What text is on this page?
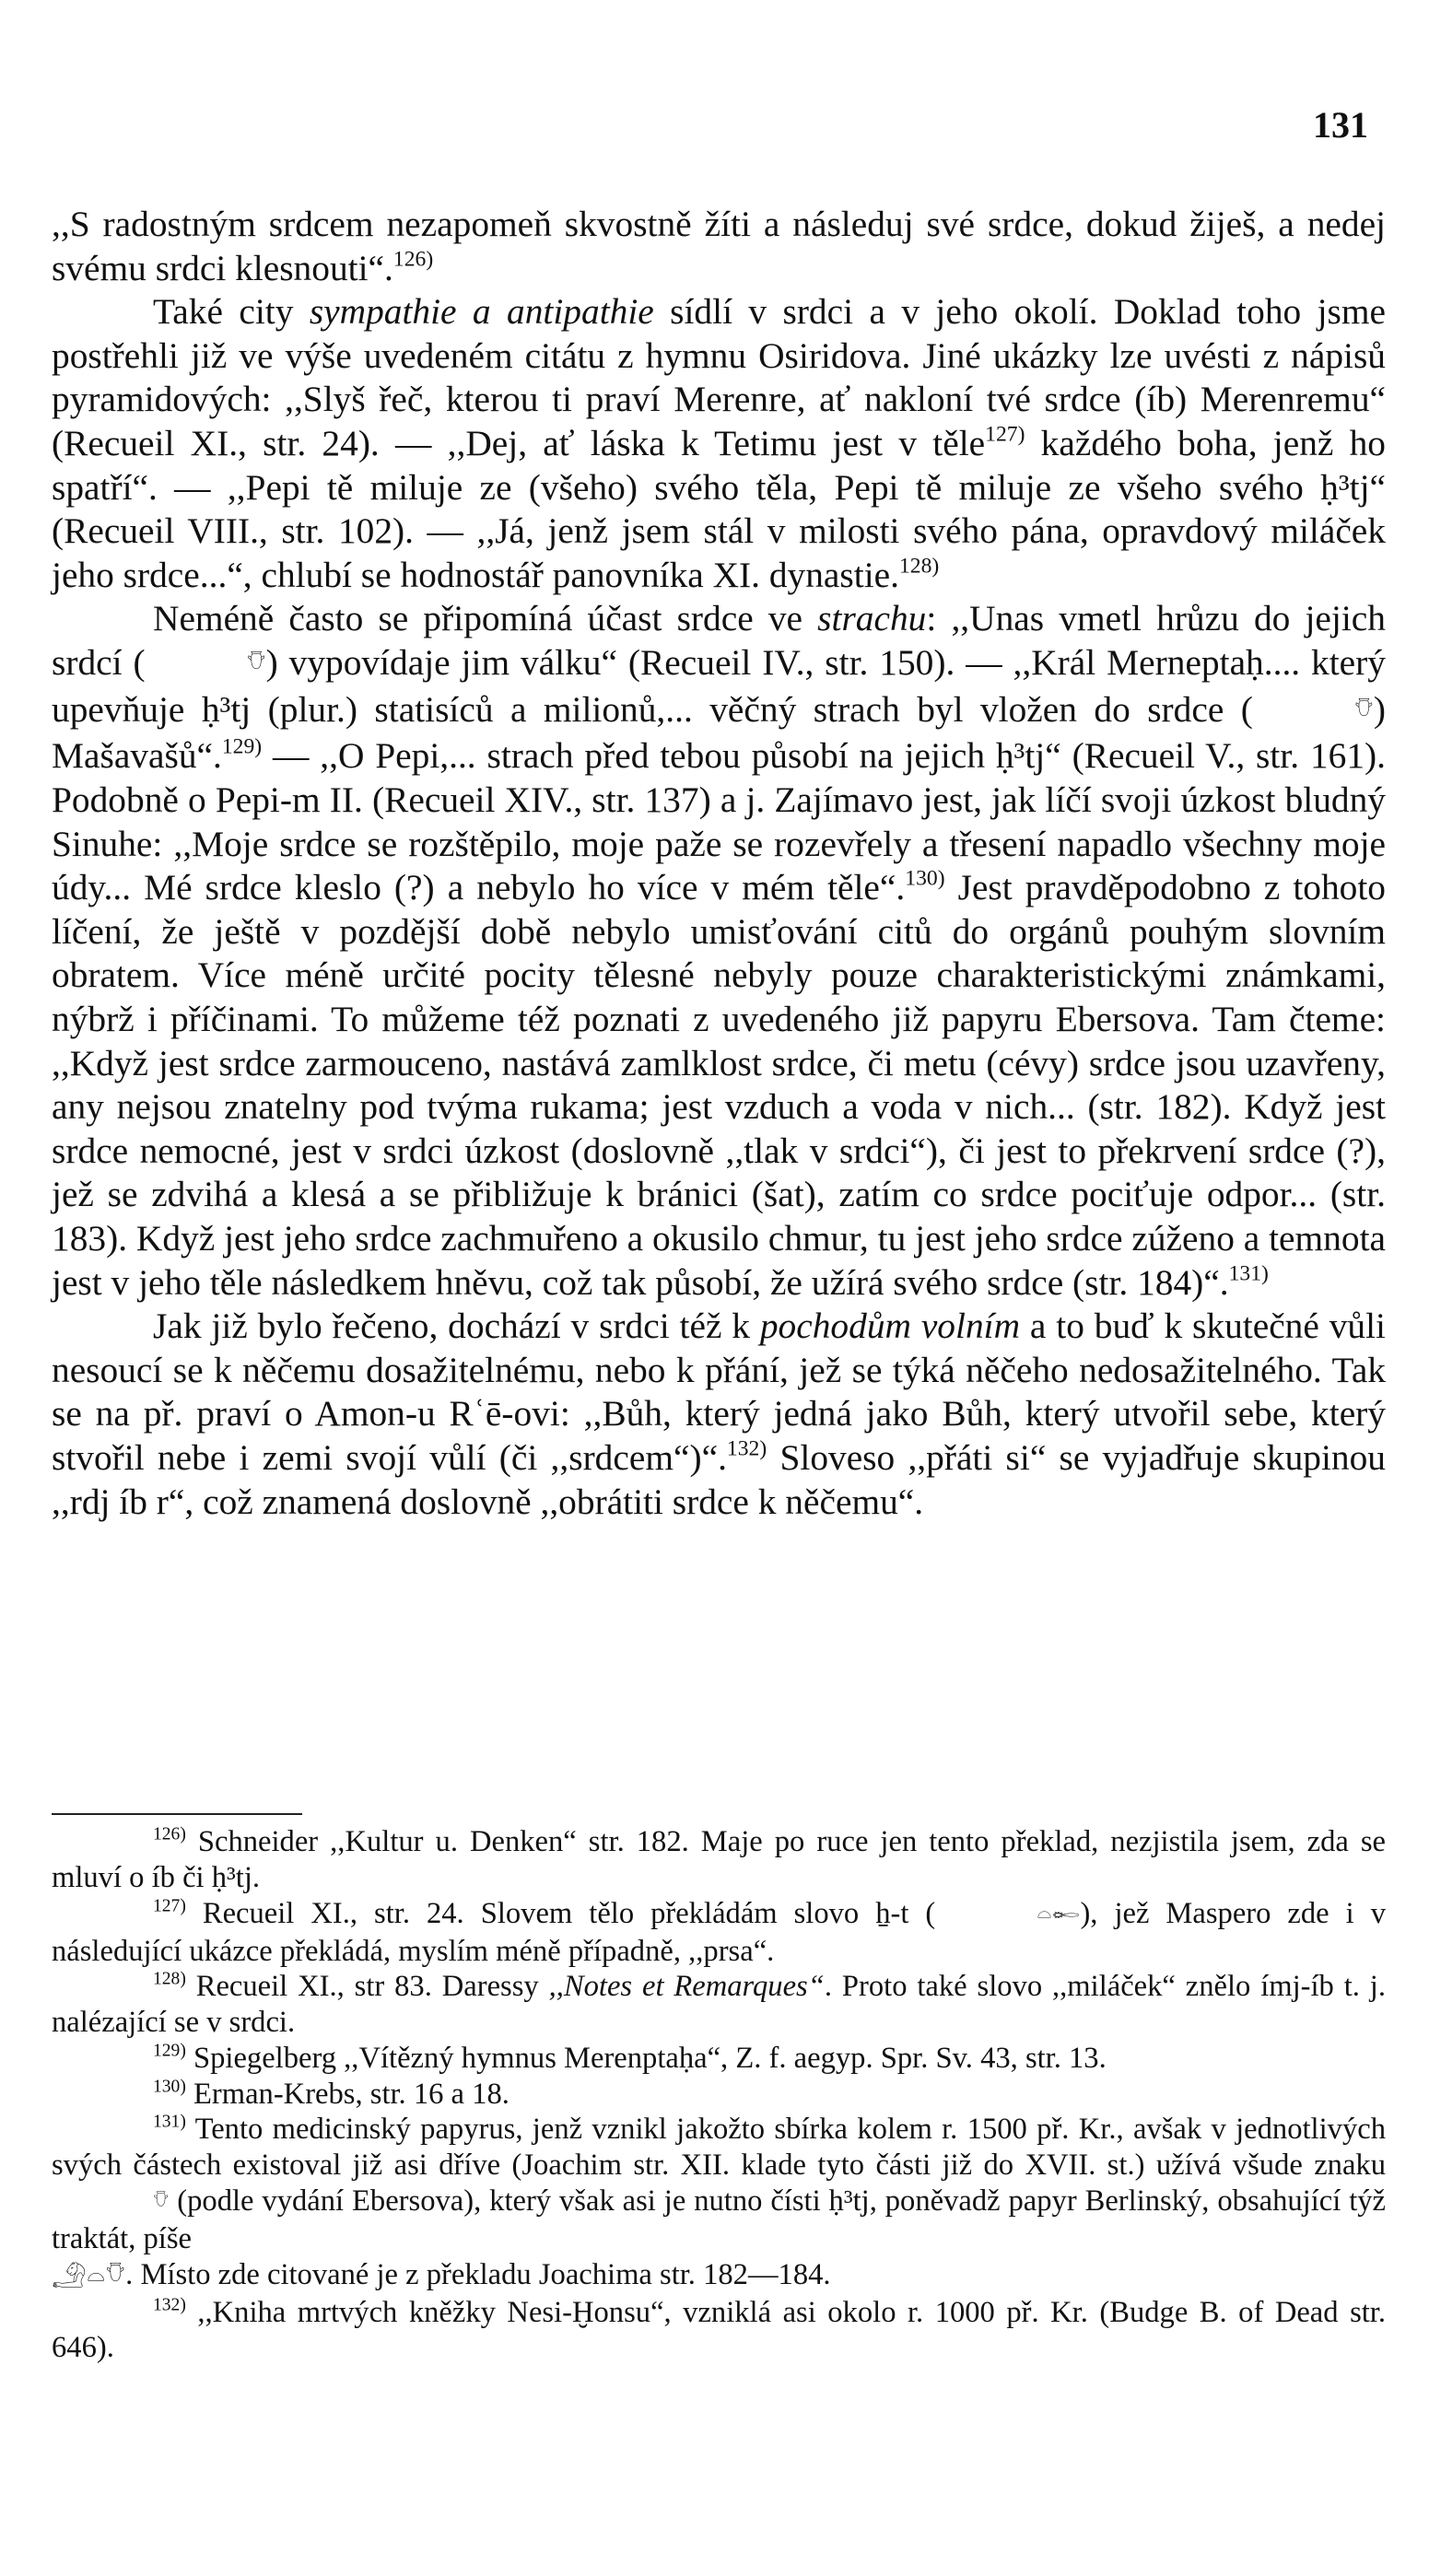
131

,,S radostným srdcem nezapomeň skvostně žíti a následuj své srdce, dokud žiješ, a nedej svému srdci klesnouti“.$^{126)}$

Také city sympathie a antipathie sídlí v srdci a v jeho okolí. Doklad toho jsme postřehli již ve výše uvedeném citátu z hymnu Osiridova. Jiné ukázky lze uvésti z nápisů pyramidových: ,,Slyš řeč, kterou ti praví Merenre, ať nakloní tvé srdce (íb) Merenremu“ (Recueil XI., str. 24). — ,,Dej, ať láska k Tetimu jest v těle$^{127)}$ každého boha, jenž ho spatří“. — ,,Pepi tě miluje ze (všeho) svého těla, Pepi tě miluje ze všeho svého ḥ³tj“ (Recueil VIII., str. 102). — ,,Já, jenž jsem stál v milosti svého pána, opravdový miláček jeho srdce...“, chlubí se hodnostář panovníka XI. dynastie.$^{128)}$

Neméně často se připomíná účast srdce ve strachu: ,,Unas vmetl hrůzu do jejich srdcí (	𓄣) vypovídaje jim válku“ (Recueil IV., str. 150). — ,,Král Merneptaḥ.... který upevňuje ḥ³tj (plur.) statisíců a milionů,... věčný strach byl vložen do srdce (	𓄣) Mašavašů“.$^{129)}$ — ,,O Pepi,... strach před tebou působí na jejich ḥ³tj“ (Recueil V., str. 161). Podobně o Pepi-m II. (Recueil XIV., str. 137) a j. Zajímavo jest, jak líčí svoji úzkost bludný Sinuhe: ,,Moje srdce se rozštěpilo, moje paže se rozevřely a třesení napadlo všechny moje údy... Mé srdce kleslo (?) a nebylo ho více v mém těle“.$^{130)}$ Jest pravděpodobno z tohoto líčení, že ještě v pozdější době nebylo umisťování citů do orgánů pouhým slovním obratem. Více méně určité pocity tělesné nebyly pouze charakteristickými známkami, nýbrž i příčinami. To můžeme též poznati z uvedeného již papyru Ebersova. Tam čteme: ,,Když jest srdce zarmouceno, nastává zamlklost srdce, či metu (cévy) srdce jsou uzavřeny, any nejsou znatelny pod tvýma rukama; jest vzduch a voda v nich... (str. 182). Když jest srdce nemocné, jest v srdci úzkost (doslovně ,,tlak v srdci“), či jest to překrvení srdce (?), jež se zdvihá a klesá a se přibližuje k bránici (šat), zatím co srdce pociťuje odpor... (str. 183). Když jest jeho srdce zachmuřeno a okusilo chmur, tu jest jeho srdce zúženo a temnota jest v jeho těle následkem hněvu, což tak působí, že užírá svého srdce (str. 184)“.$^{131)}$

Jak již bylo řečeno, dochází v srdci též k pochodům volním a to buď k skutečné vůli nesoucí se k něčemu dosažitelnému, nebo k přání, jež se týká něčeho nedosažitelného. Tak se na př. praví o Amon-u Rʿē-ovi: ,,Bůh, který jedná jako Bůh, který utvořil sebe, který stvořil nebe i zemi svojí vůlí (či ,,srdcem“)“.$^{132)}$ Sloveso ,,přáti si“ se vyjadřuje skupinou ,,rdj íb r“, což znamená doslovně ,,obrátiti srdce k něčemu“.

$^{126)}$ Schneider ,,Kultur u. Denken“ str. 182. Maje po ruce jen tento překlad, nezjistila jsem, zda se mluví o íb či ḥ³tj.

$^{127)}$ Recueil XI., str. 24. Slovem tělo překládám slovo ẖ-t (	𓏏𓄡), jež Maspero zde i v následující ukázce překládá, myslím méně případně, ,,prsa“.

$^{128)}$ Recueil XI., str 83. Daressy ,,Notes et Remarques“. Proto také slovo ,,miláček“ znělo ímj-íb t. j. nalézající se v srdci.

$^{129)}$ Spiegelberg ,,Vítězný hymnus Merenptaḥa“, Z. f. aegyp. Spr. Sv. 43, str. 13.

$^{130)}$ Erman-Krebs, str. 16 a 18.

$^{131)}$ Tento medicinský papyrus, jenž vznikl jakožto sbírka kolem r. 1500 př. Kr., avšak v jednotlivých svých částech existoval již asi dříve (Joachim str. XII. klade tyto části již do XVII. st.) užívá všude znaku 𓄣 (podle vydání Ebersova), který však asi je nutno čísti ḥ³tj, poněvadž papyr Berlinský, obsahující týž traktát, píše

𓄂𓏏𓄣. Místo zde citované je z překladu Joachima str. 182—184.

$^{132)}$ ,,Kniha mrtvých kněžky Nesi-Ḫonsu“, vzniklá asi okolo r. 1000 př. Kr. (Budge B. of Dead str. 646).
